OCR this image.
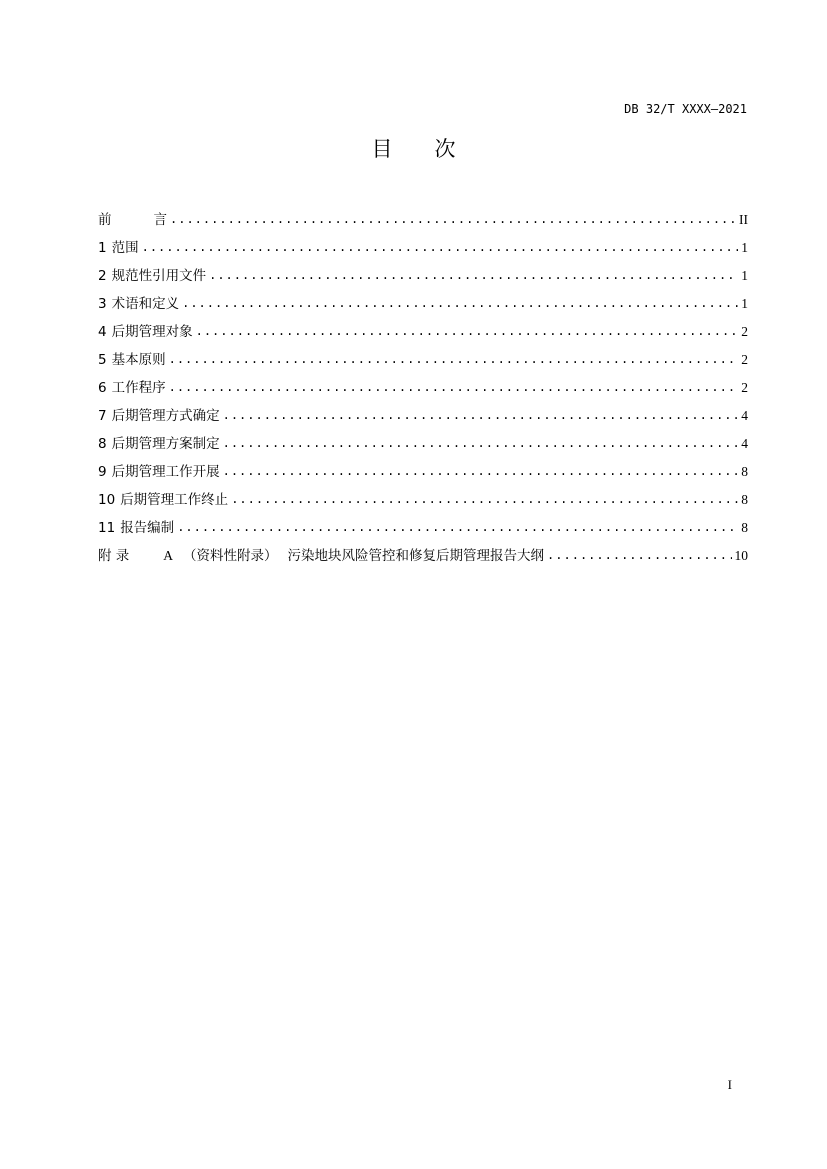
DB 32/T XXXX—2021
目 次
前	言 .....	II
1 范围 .....	1
2 规范性引用文件 .....	1
3 术语和定义 .....	1
4 后期管理对象 .....	2
5 基本原则 .....	2
6 工作程序 .....	2
7 后期管理方式确定 .....	4
8 后期管理方案制定 .....	4
9 后期管理工作开展 .....	8
10 后期管理工作终止 .....	8
11 报告编制 .....	8
附 录	A （资料性附录） 污染地块风险管控和修复后期管理报告大纲 .....	10
I
